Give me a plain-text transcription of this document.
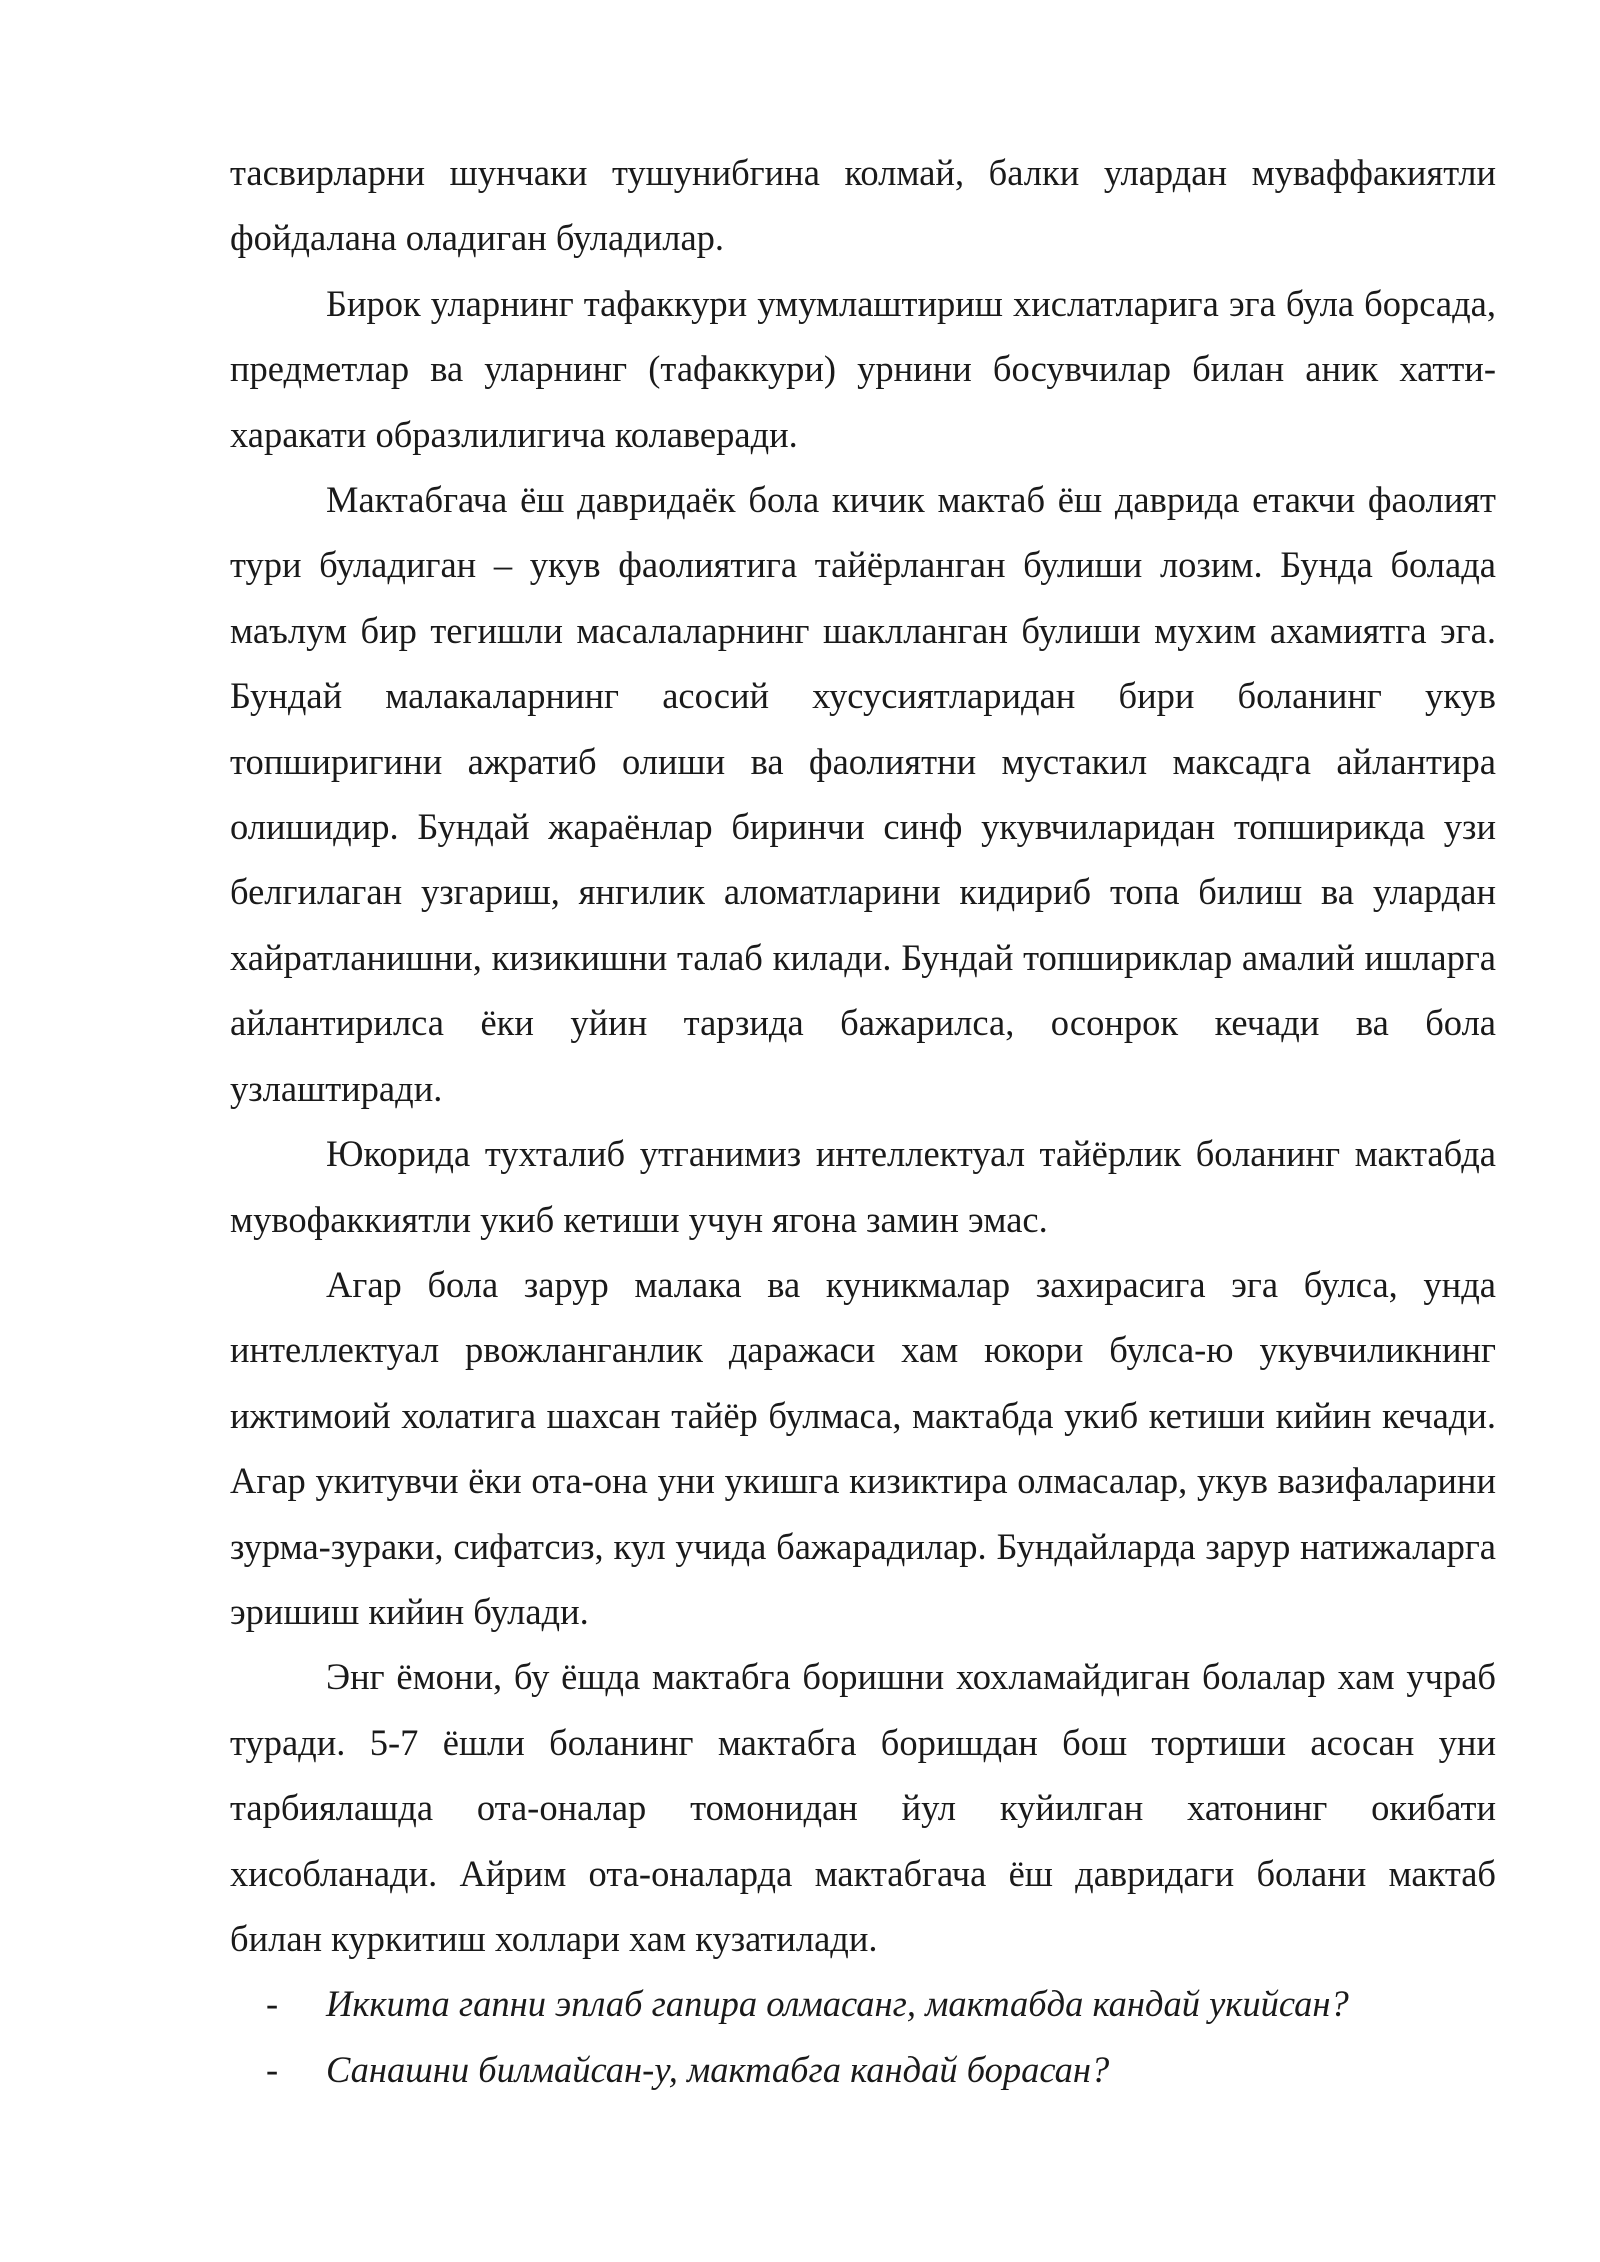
тасвирларни шунчаки тушунибгина колмай, балки улардан муваффакиятли фойдалана оладиган буладилар.

Бирок уларнинг тафаккури умумлаштириш хислатларига эга була борсада, предметлар ва уларнинг (тафаккури) урнини босувчилар билан аник хатти-харакати образлилигича колаверади.

Мактабгача ёш давридаёк бола кичик мактаб ёш даврида етакчи фаолият тури буладиган – укув фаолиятига тайёрланган булиши лозим. Бунда болада маълум бир тегишли масалаларнинг шаклланган булиши мухим ахамиятга эга. Бундай малакаларнинг асосий хусусиятларидан бири боланинг укув топширигини ажратиб олиши ва фаолиятни мустакил максадга айлантира олишидир. Бундай жараёнлар биринчи синф укувчиларидан топширикда узи белгилаган узгариш, янгилик аломатларини кидириб топа билиш ва улардан хайратланишни, кизикишни талаб килади. Бундай топшириклар амалий ишларга айлантирилса ёки уйин тарзида бажарилса, осонрок кечади ва бола узлаштиради.

Юкорида тухталиб утганимиз интеллектуал тайёрлик боланинг мактабда мувофаккиятли укиб кетиши учун ягона замин эмас.

Агар бола зарур малака ва куникмалар захирасига эга булса, унда интеллектуал рвожланганлик даражаси хам юкори булса-ю укувчиликнинг ижтимоий холатига шахсан тайёр булмаса, мактабда укиб кетиши кийин кечади. Агар укитувчи ёки ота-она уни укишга кизиктира олмасалар, укув вазифаларини зурма-зураки, сифатсиз, кул учида бажарадилар. Бундайларда зарур натижаларга эришиш кийин булади.

Энг ёмони, бу ёшда мактабга боришни хохламайдиган болалар хам учраб туради. 5-7 ёшли боланинг мактабга боришдан бош тортиши асосан уни тарбиялашда ота-оналар томонидан йул куйилган хатонинг окибати хисобланади. Айрим ота-оналарда мактабгача ёш давридаги болани мактаб билан куркитиш холлари хам кузатилади.

- Иккита гапни эплаб гапира олмасанг, мактабда кандай укийсан?
- Санашни билмайсан-у, мактабга кандай борасан?
